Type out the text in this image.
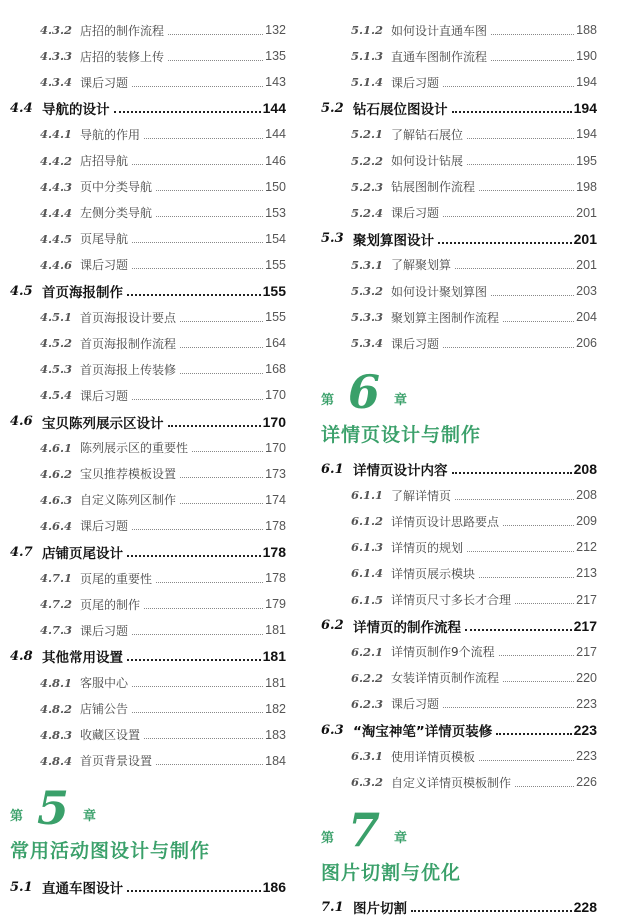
4.3.2 店招的制作流程	132
4.3.3 店招的装修上传	135
4.3.4 课后习题	143
4.4 导航的设计	144
4.4.1 导航的作用	144
4.4.2 店招导航	146
4.4.3 页中分类导航	150
4.4.4 左侧分类导航	153
4.4.5 页尾导航	154
4.4.6 课后习题	155
4.5 首页海报制作	155
4.5.1 首页海报设计要点	155
4.5.2 首页海报制作流程	164
4.5.3 首页海报上传装修	168
4.5.4 课后习题	170
4.6 宝贝陈列展示区设计	170
4.6.1 陈列展示区的重要性	170
4.6.2 宝贝推荐模板设置	173
4.6.3 自定义陈列区制作	174
4.6.4 课后习题	178
4.7 店铺页尾设计	178
4.7.1 页尾的重要性	178
4.7.2 页尾的制作	179
4.7.3 课后习题	181
4.8 其他常用设置	181
4.8.1 客服中心	181
4.8.2 店铺公告	182
4.8.3 收藏区设置	183
4.8.4 首页背景设置	184
第 5 章
常用活动图设计与制作
5.1 直通车图设计	186
5.1.2 如何设计直通车图	188
5.1.3 直通车图制作流程	190
5.1.4 课后习题	194
5.2 钻石展位图设计	194
5.2.1 了解钻石展位	194
5.2.2 如何设计钻展	195
5.2.3 钻展图制作流程	198
5.2.4 课后习题	201
5.3 聚划算图设计	201
5.3.1 了解聚划算	201
5.3.2 如何设计聚划算图	203
5.3.3 聚划算主图制作流程	204
5.3.4 课后习题	206
第 6 章
详情页设计与制作
6.1 详情页设计内容	208
6.1.1 了解详情页	208
6.1.2 详情页设计思路要点	209
6.1.3 详情页的规划	212
6.1.4 详情页展示模块	213
6.1.5 详情页尺寸多长才合理	217
6.2 详情页的制作流程	217
6.2.1 详情页制作9个流程	217
6.2.2 女装详情页制作流程	220
6.2.3 课后习题	223
6.3 “淘宝神笔”详情页装修	223
6.3.1 使用详情页模板	223
6.3.2 自定义详情页模板制作	226
第 7 章
图片切割与优化
7.1 图片切割	228
